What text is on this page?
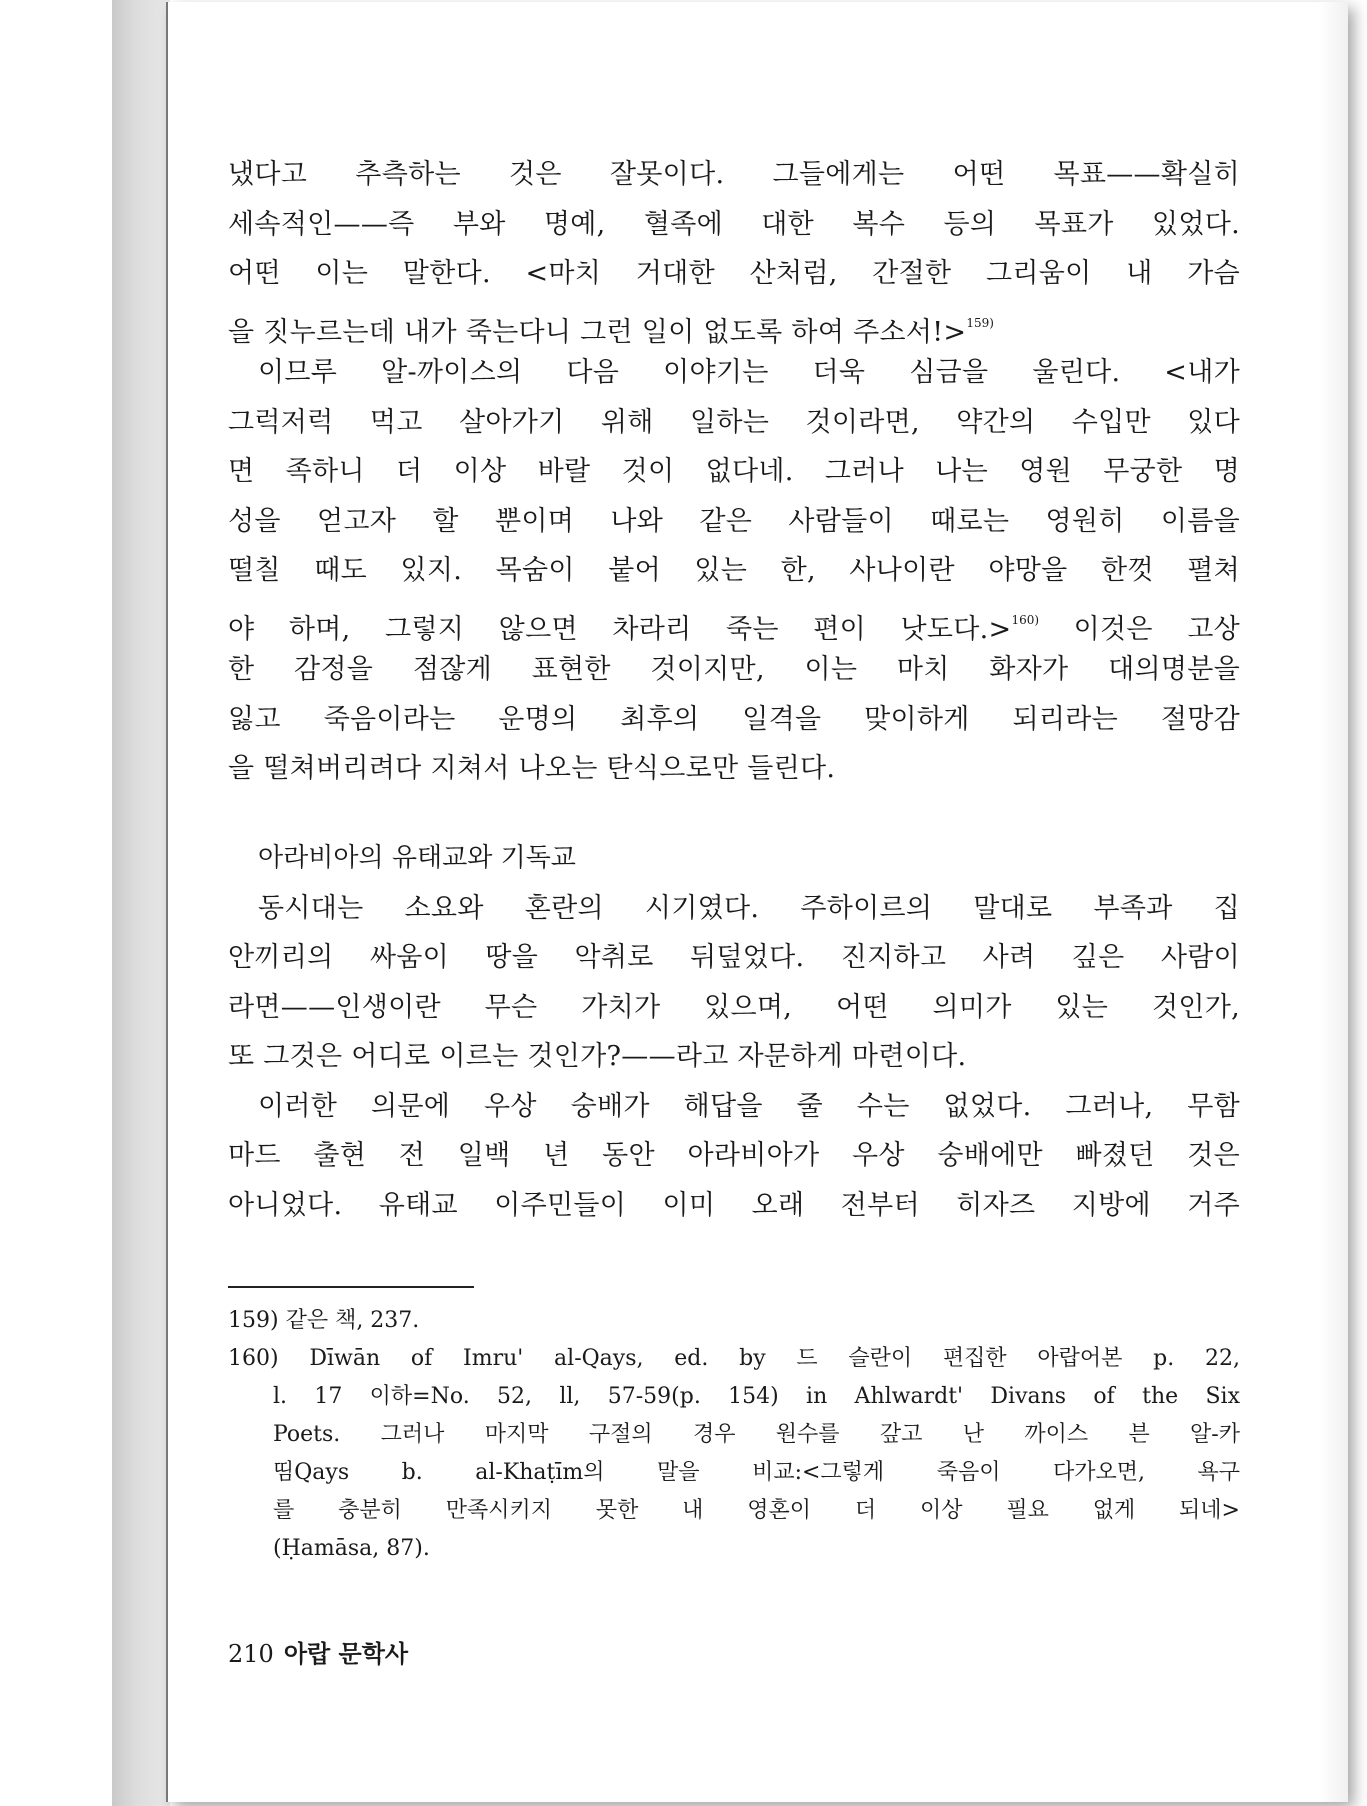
냈다고 추측하는 것은 잘못이다. 그들에게는 어떤 목표——확실히
세속적인——즉 부와 명예, 혈족에 대한 복수 등의 목표가 있었다.
어떤 이는 말한다. <마치 거대한 산처럼, 간절한 그리움이 내 가슴
을 짓누르는데 내가 죽는다니 그런 일이 없도록 하여 주소서!>$^{159)}$
이므루 알-까이스의 다음 이야기는 더욱 심금을 울린다. <내가
그럭저럭 먹고 살아가기 위해 일하는 것이라면, 약간의 수입만 있다
면 족하니 더 이상 바랄 것이 없다네. 그러나 나는 영원 무궁한 명
성을 얻고자 할 뿐이며 나와 같은 사람들이 때로는 영원히 이름을
떨칠 때도 있지. 목숨이 붙어 있는 한, 사나이란 야망을 한껏 펼쳐
야 하며, 그렇지 않으면 차라리 죽는 편이 낫도다.>$^{160)}$ 이것은 고상
한 감정을 점잖게 표현한 것이지만, 이는 마치 화자가 대의명분을
잃고 죽음이라는 운명의 최후의 일격을 맞이하게 되리라는 절망감
을 떨쳐버리려다 지쳐서 나오는 탄식으로만 들린다.
아라비아의 유태교와 기독교
동시대는 소요와 혼란의 시기였다. 주하이르의 말대로 부족과 집
안끼리의 싸움이 땅을 악취로 뒤덮었다. 진지하고 사려 깊은 사람이
라면——인생이란 무슨 가치가 있으며, 어떤 의미가 있는 것인가,
또 그것은 어디로 이르는 것인가?——라고 자문하게 마련이다.
이러한 의문에 우상 숭배가 해답을 줄 수는 없었다. 그러나, 무함
마드 출현 전 일백 년 동안 아라비아가 우상 숭배에만 빠졌던 것은
아니었다. 유태교 이주민들이 이미 오래 전부터 히자즈 지방에 거주
159) 같은 책, 237.
160) Dīwān of Imru' al-Qays, ed. by 드 슬란이 편집한 아랍어본 p. 22,
l. 17 이하=No. 52, ll, 57-59(p. 154) in Ahlwardt' Divans of the Six
Poets. 그러나 마지막 구절의 경우 원수를 갚고 난 까이스 븐 알-카
띰Qays b. al-Khaṭīm의 말을 비교:<그렇게 죽음이 다가오면, 욕구
를 충분히 만족시키지 못한 내 영혼이 더 이상 필요 없게 되네>
(Ḥamāsa, 87).
210 아랍 문학사
